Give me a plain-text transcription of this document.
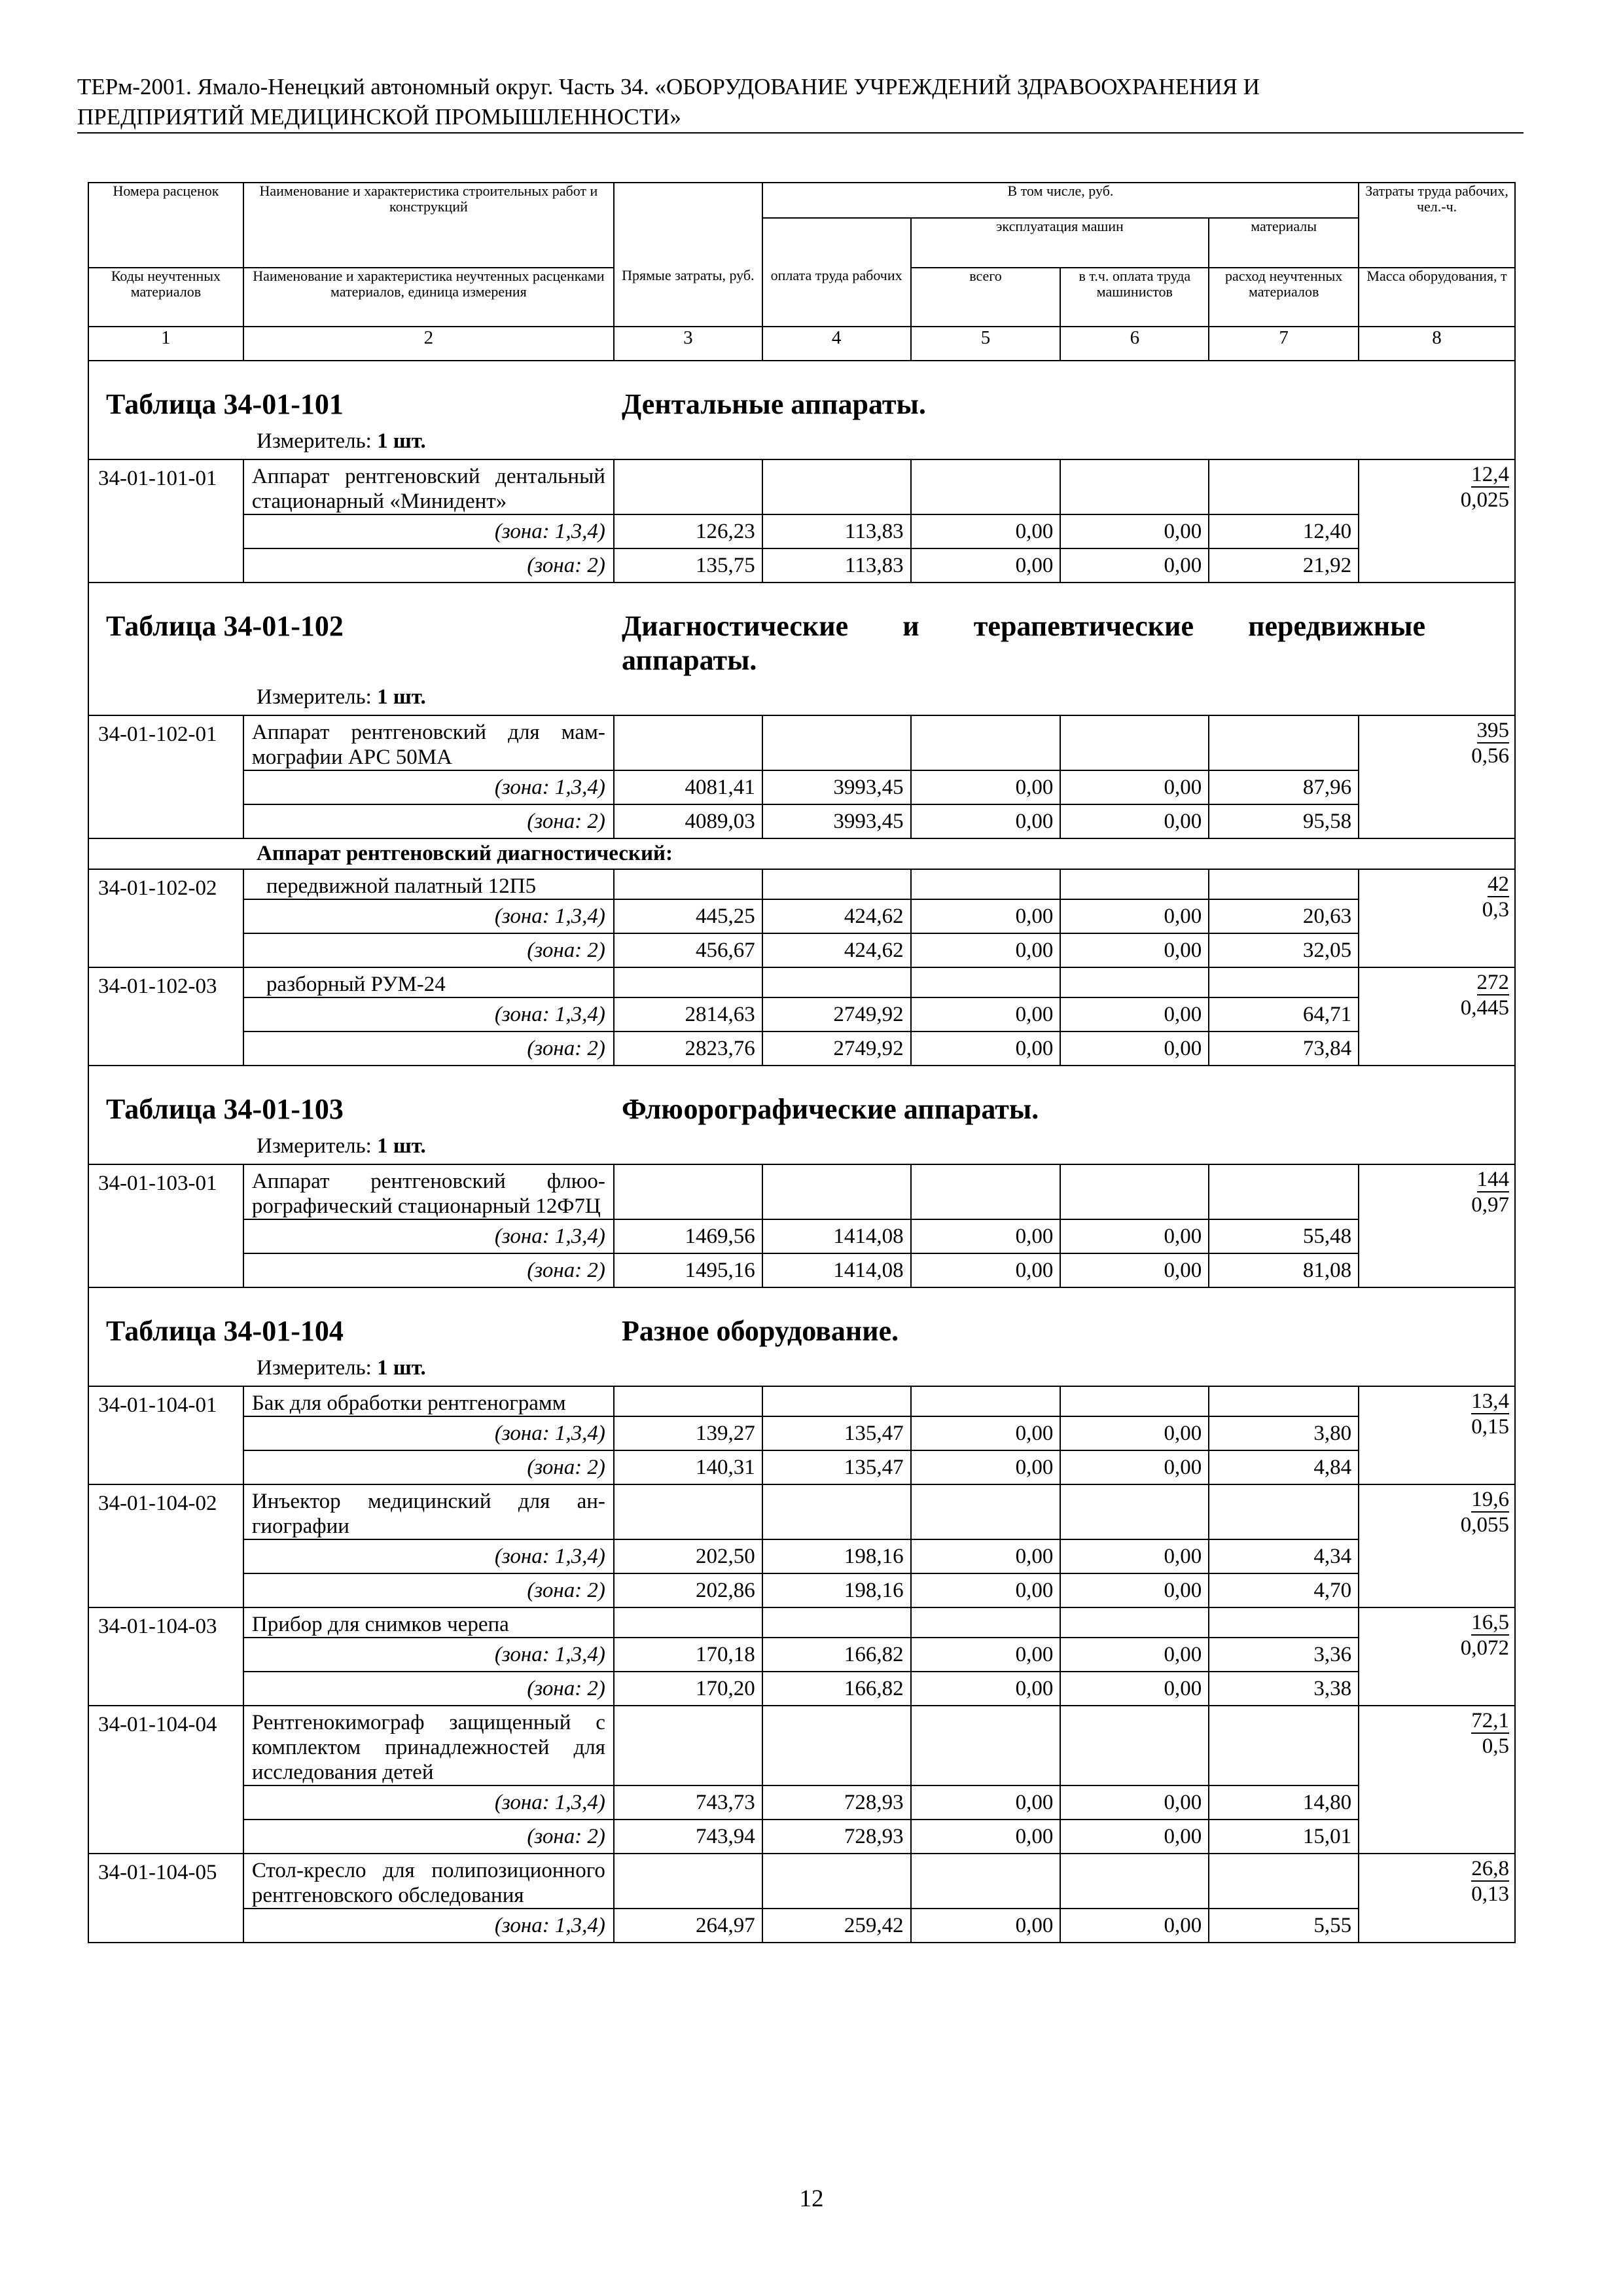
ТЕРм-2001. Ямало-Ненецкий автономный округ. Часть 34. «ОБОРУДОВАНИЕ УЧРЕЖДЕНИЙ ЗДРАВООХРАНЕНИЯ И
ПРЕДПРИЯТИЙ МЕДИЦИНСКОЙ ПРОМЫШЛЕННОСТИ»
Номера расценок	Наименование и характеристика строительных работ и конструкций		В том числе, руб.				Затраты труда рабочих, чел.-ч.
				эксплуатация машин		материалы	
Коды неучтенных материалов	Наименование и характеристика неучтенных расценками материалов, единица измерения	Прямые затраты, руб.	оплата труда рабочих	всего	в т.ч. оплата труда машинистов	расход неучтенных материалов	Масса оборудования, т
1	2	3	4	5	6	7	8

Таблица 34-01-101 Дентальные аппараты.
Измеритель: 1 шт.							

34-01-101-01	Аппарат рентгеновский дентальный стационарный «Минидент»						12,4
0,025

	(зона: 1,3,4)	126,23	113,83	0,00	0,00	12,40	
	(зона: 2)	135,75	113,83	0,00	0,00	21,92	

Таблица 34-01-102 Диагностические и терапевтические передвижные аппараты.
Измеритель: 1 шт.							

34-01-102-01	Аппарат рентгеновский для маммографии АРС 50МА						395
0,56

	(зона: 1,3,4)	4081,41	3993,45	0,00	0,00	87,96	
	(зона: 2)	4089,03	3993,45	0,00	0,00	95,58	
Аппарат рентгеновский диагностический:							
34-01-102-02	передвижной палатный 12П5						42
0,3

	(зона: 1,3,4)	445,25	424,62	0,00	0,00	20,63	
	(зона: 2)	456,67	424,62	0,00	0,00	32,05	
34-01-102-03	разборный РУМ-24						272
0,445

	(зона: 1,3,4)	2814,63	2749,92	0,00	0,00	64,71	
	(зона: 2)	2823,76	2749,92	0,00	0,00	73,84	

Таблица 34-01-103 Флюорографические аппараты.
Измеритель: 1 шт.							

34-01-103-01	Аппарат рентгеновский флюорографический стационарный 12Ф7Ц						144
0,97

	(зона: 1,3,4)	1469,56	1414,08	0,00	0,00	55,48	
	(зона: 2)	1495,16	1414,08	0,00	0,00	81,08	

Таблица 34-01-104 Разное оборудование.
Измеритель: 1 шт.							

34-01-104-01	Бак для обработки рентгенограмм						13,4
0,15

	(зона: 1,3,4)	139,27	135,47	0,00	0,00	3,80	
	(зона: 2)	140,31	135,47	0,00	0,00	4,84	
34-01-104-02	Инъектор медицинский для ангиографии						19,6
0,055

	(зона: 1,3,4)	202,50	198,16	0,00	0,00	4,34	
	(зона: 2)	202,86	198,16	0,00	0,00	4,70	
34-01-104-03	Прибор для снимков черепа						16,5
0,072

	(зона: 1,3,4)	170,18	166,82	0,00	0,00	3,36	
	(зона: 2)	170,20	166,82	0,00	0,00	3,38	
34-01-104-04	Рентгенокимограф защищенный с комплектом принадлежностей для исследования детей						72,1
0,5

	(зона: 1,3,4)	743,73	728,93	0,00	0,00	14,80	
	(зона: 2)	743,94	728,93	0,00	0,00	15,01	
34-01-104-05	Стол-кресло для полипозиционного рентгеновского обследования						26,8
0,13

	(зона: 1,3,4)	264,97	259,42	0,00	0,00	5,55	
12
